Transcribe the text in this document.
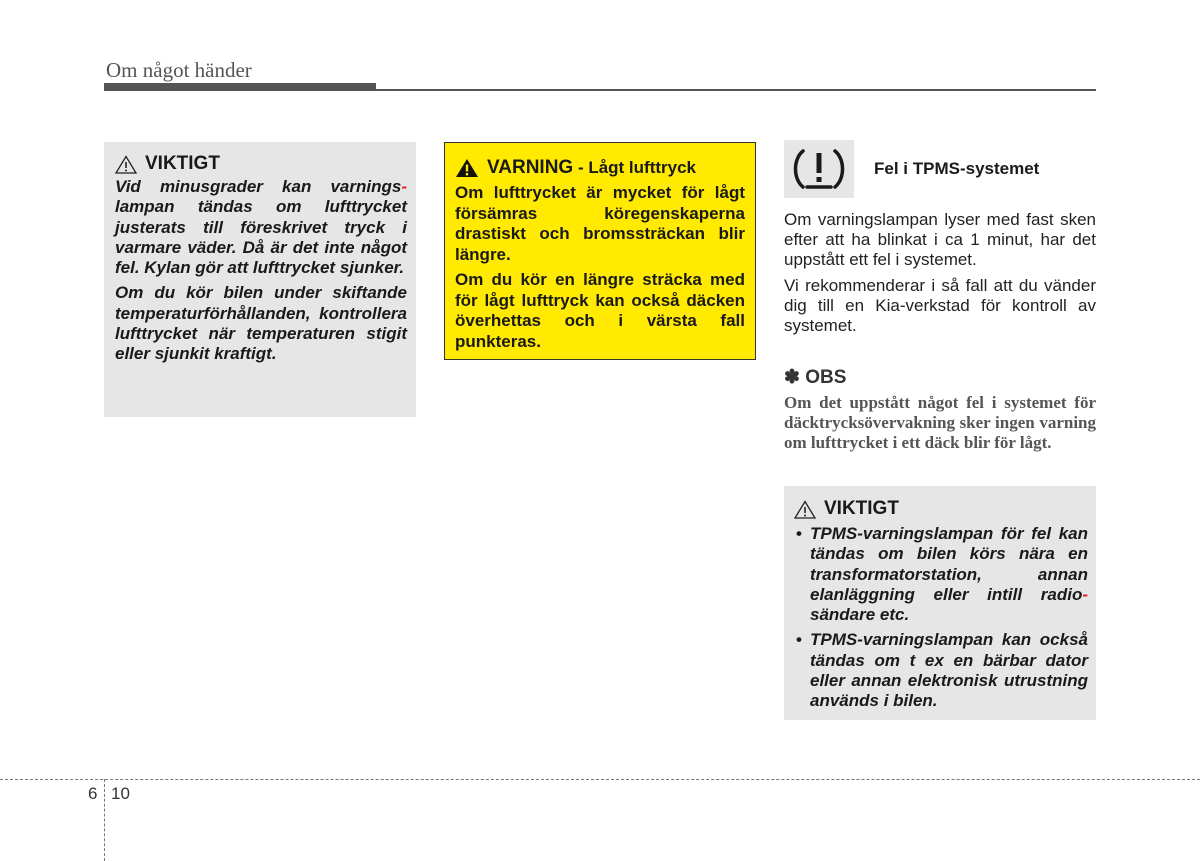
Om något händer
VIKTIGT

Vid minusgrader kan varnings- lampan tändas om lufttrycket justerats till föreskrivet tryck i varmare väder. Då är det inte något fel. Kylan gör att lufttrycket sjunker.

Om du kör bilen under skiftande temperaturförhållanden, kontrollera lufttrycket när temperaturen stigit eller sjunkit kraftigt.

VARNING - Lågt lufttryck

Om lufttrycket är mycket för lågt försämras köregenskaperna drastiskt och bromssträckan blir längre.

Om du kör en längre sträcka med för lågt lufttryck kan också däcken överhettas och i värsta fall punkteras.

Fel i TPMS-systemet

Om varningslampan lyser med fast sken efter att ha blinkat i ca 1 minut, har det uppstått ett fel i systemet.

Vi rekommenderar i så fall att du vänder dig till en Kia-verkstad för kontroll av systemet.

✽ OBS

Om det uppstått något fel i systemet för däcktrycksövervakning sker ingen varning om lufttrycket i ett däck blir för lågt.

VIKTIGT
• TPMS-varningslampan för fel kan tändas om bilen körs nära en transformatorstation, annan elanläggning eller intill radio- sändare etc.
• TPMS-varningslampan kan också tändas om t ex en bärbar dator eller annan elektronisk utrustning används i bilen.
6 10
